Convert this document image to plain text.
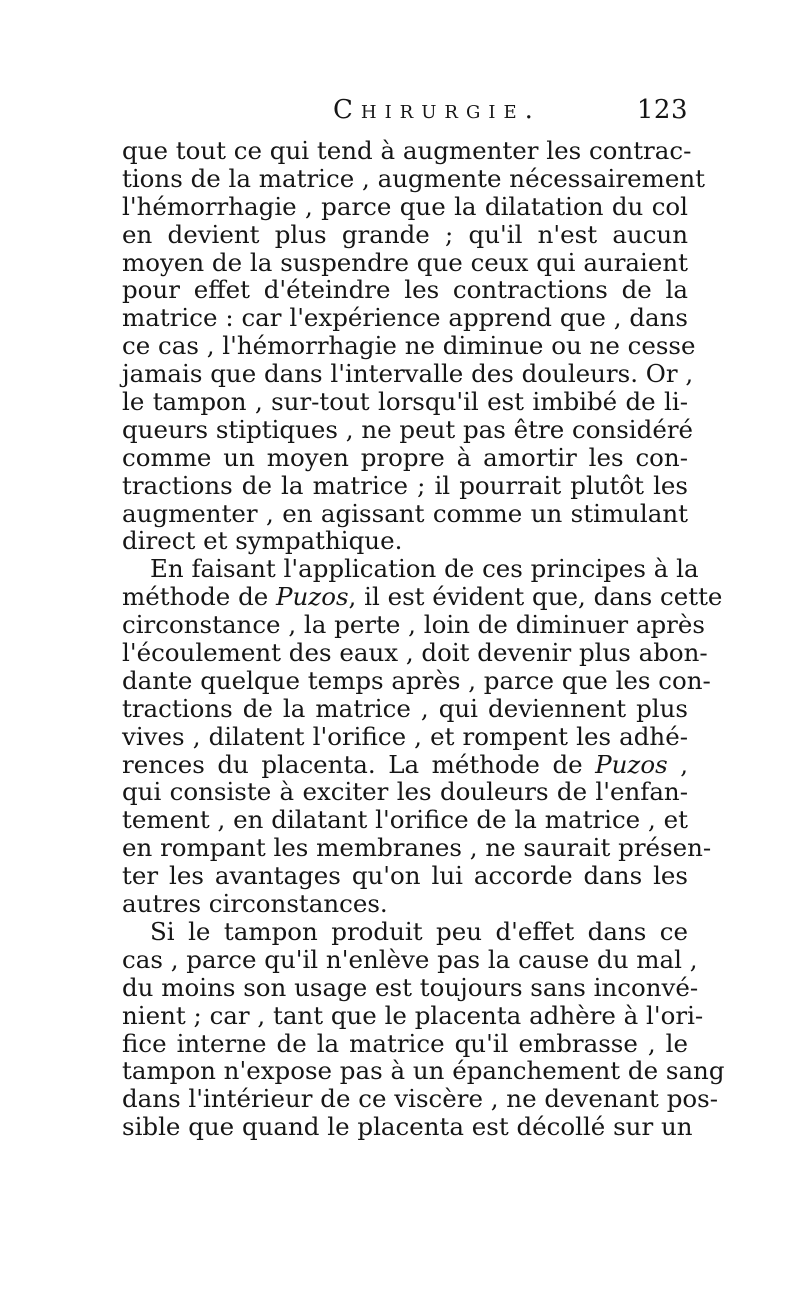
Chirurgie.	123
que tout ce qui tend à augmenter les contrac-
tions de la matrice , augmente nécessairement
l'hémorrhagie , parce que la dilatation du col
en devient plus grande ; qu'il n'est aucun
moyen de la suspendre que ceux qui auraient
pour effet d'éteindre les contractions de la
matrice : car l'expérience apprend que , dans
ce cas , l'hémorrhagie ne diminue ou ne cesse
jamais que dans l'intervalle des douleurs. Or ,
le tampon , sur-tout lorsqu'il est imbibé de li-
queurs stiptiques , ne peut pas être considéré
comme un moyen propre à amortir les con-
tractions de la matrice ; il pourrait plutôt les
augmenter , en agissant comme un stimulant
direct et sympathique.
En faisant l'application de ces principes à la
méthode de Puzos, il est évident que, dans cette
circonstance , la perte , loin de diminuer après
l'écoulement des eaux , doit devenir plus abon-
dante quelque temps après , parce que les con-
tractions de la matrice , qui deviennent plus
vives , dilatent l'orifice , et rompent les adhé-
rences du placenta. La méthode de Puzos ,
qui consiste à exciter les douleurs de l'enfan-
tement , en dilatant l'orifice de la matrice , et
en rompant les membranes , ne saurait présen-
ter les avantages qu'on lui accorde dans les
autres circonstances.
Si le tampon produit peu d'effet dans ce
cas , parce qu'il n'enlève pas la cause du mal ,
du moins son usage est toujours sans inconvé-
nient ; car , tant que le placenta adhère à l'ori-
fice interne de la matrice qu'il embrasse , le
tampon n'expose pas à un épanchement de sang
dans l'intérieur de ce viscère , ne devenant pos-
sible que quand le placenta est décollé sur un
